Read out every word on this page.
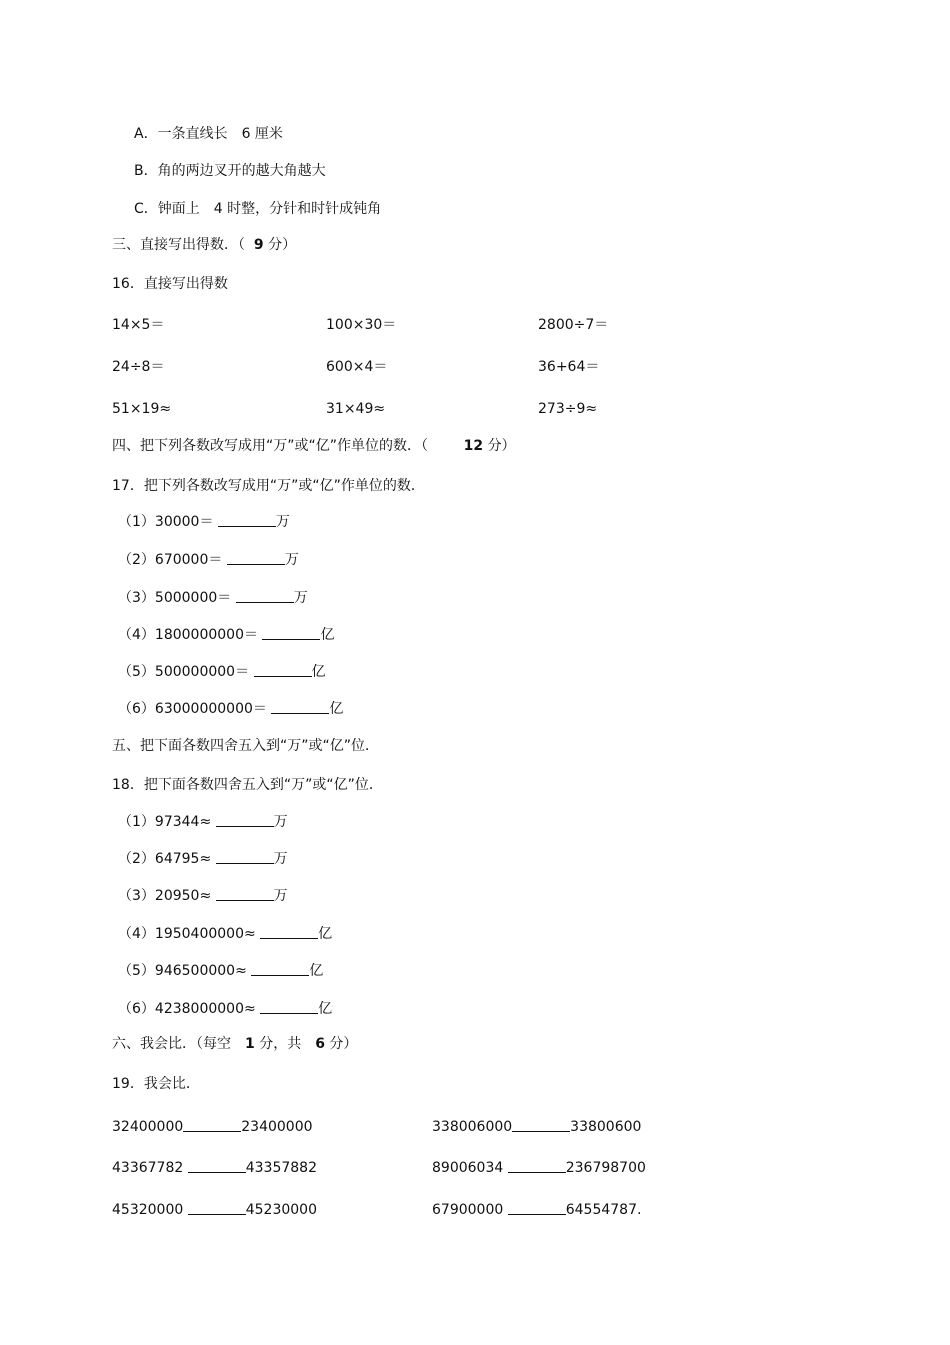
A．一条直线长　6 厘米
B．角的两边叉开的越大角越大
C．钟面上　4 时整，分针和时针成钝角
三、直接写出得数．（ 9 分）
16．直接写出得数
14×5＝	100×30＝	2800÷7＝
24÷8＝	600×4＝	36+64＝
51×19≈	31×49≈	273÷9≈
四、把下列各数改写成用“万”或“亿”作单位的数．（	12 分）
17．把下列各数改写成用“万”或“亿”作单位的数．
（1）30000＝	万
（2）670000＝	万
（3）5000000＝	万
（4）1800000000＝	亿
（5）500000000＝	亿
（6）63000000000＝	亿
五、把下面各数四舍五入到“万”或“亿”位．
18．把下面各数四舍五入到“万”或“亿”位．
（1）97344≈	万
（2）64795≈	万
（3）20950≈	万
（4）1950400000≈	亿
（5）946500000≈	亿
（6）4238000000≈	亿
六、我会比．（每空　1 分，共　6 分）
19．我会比．
32400000	23400000	338006000	33800600
43367782	43357882	89006034	236798700
45320000	45230000	67900000	64554787.
